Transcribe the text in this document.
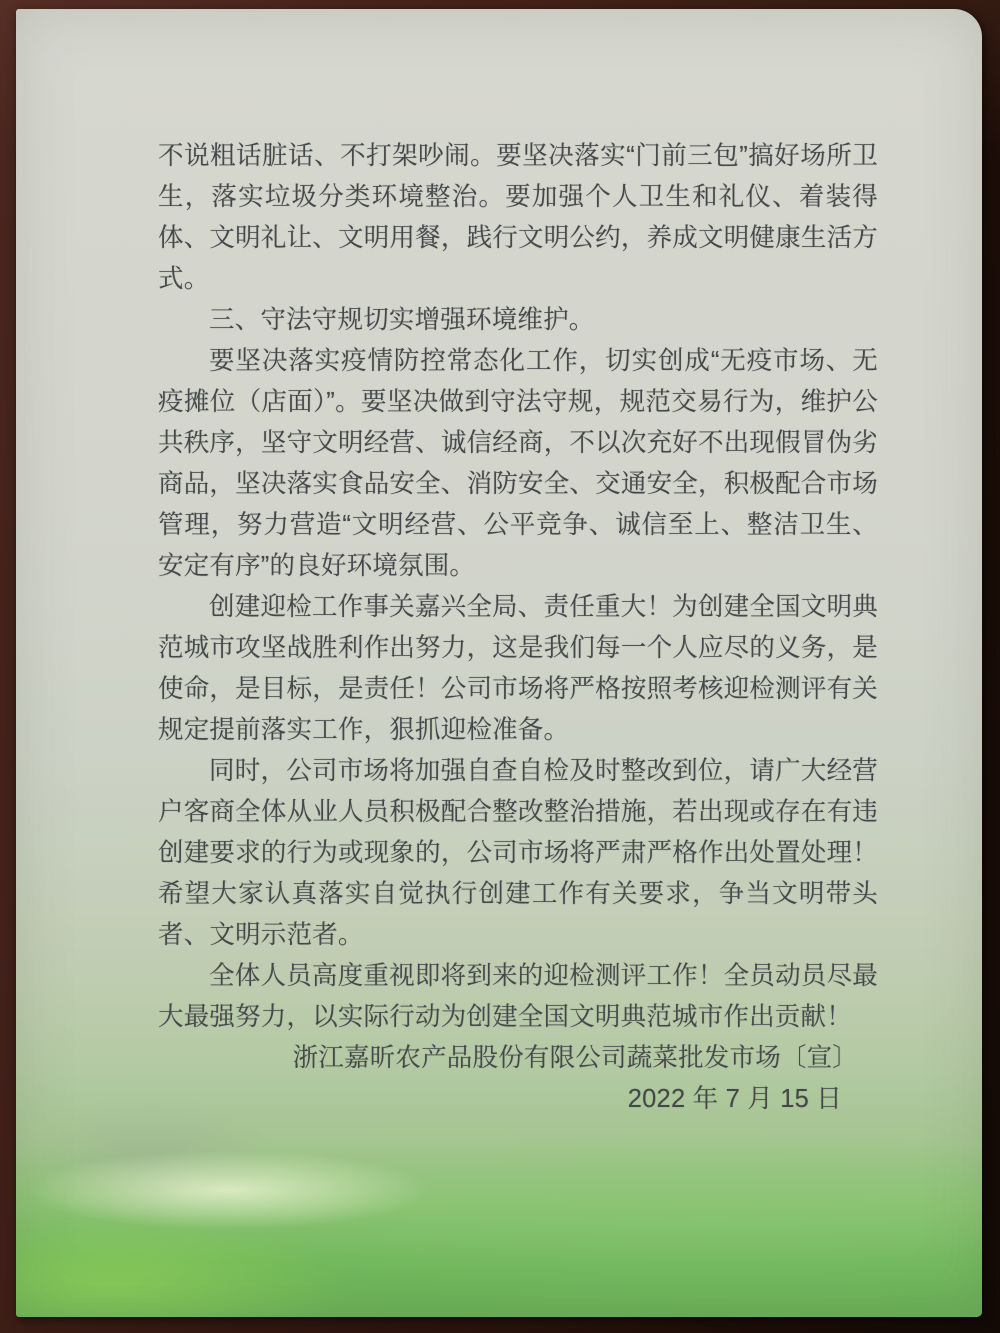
不说粗话脏话、不打架吵闹。要坚决落实“门前三包”搞好场所卫生，落实垃圾分类环境整治。要加强个人卫生和礼仪、着装得体、文明礼让、文明用餐，践行文明公约，养成文明健康生活方式。

三、守法守规切实增强环境维护。

要坚决落实疫情防控常态化工作，切实创成“无疫市场、无疫摊位（店面）”。要坚决做到守法守规，规范交易行为，维护公共秩序，坚守文明经营、诚信经商，不以次充好不出现假冒伪劣商品，坚决落实食品安全、消防安全、交通安全，积极配合市场管理，努力营造“文明经营、公平竞争、诚信至上、整洁卫生、安定有序”的良好环境氛围。

创建迎检工作事关嘉兴全局、责任重大！为创建全国文明典范城市攻坚战胜利作出努力，这是我们每一个人应尽的义务，是使命，是目标，是责任！公司市场将严格按照考核迎检测评有关规定提前落实工作，狠抓迎检准备。

同时，公司市场将加强自查自检及时整改到位，请广大经营户客商全体从业人员积极配合整改整治措施，若出现或存在有违创建要求的行为或现象的，公司市场将严肃严格作出处置处理！希望大家认真落实自觉执行创建工作有关要求，争当文明带头者、文明示范者。

全体人员高度重视即将到来的迎检测评工作！全员动员尽最大最强努力，以实际行动为创建全国文明典范城市作出贡献！

浙江嘉昕农产品股份有限公司蔬菜批发市场〔宣〕

2022 年 7 月 15 日
